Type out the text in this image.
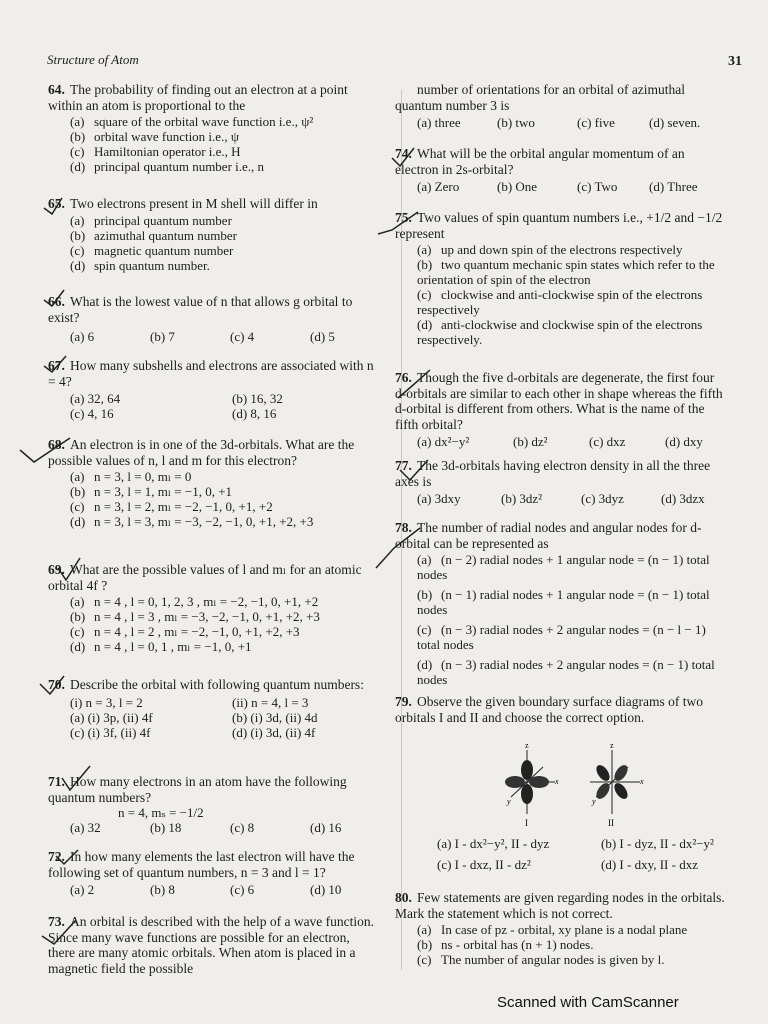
Structure of Atom	31
64. The probability of finding out an electron at a point within an atom is proportional to the
(a) square of the orbital wave function i.e., ψ²
(b) orbital wave function i.e., ψ
(c) Hamiltonian operator i.e., H
(d) principal quantum number i.e., n
65. Two electrons present in M shell will differ in
(a) principal quantum number
(b) azimuthal quantum number
(c) magnetic quantum number
(d) spin quantum number.
66. What is the lowest value of n that allows g orbital to exist?
(a) 6	(b) 7	(c) 4	(d) 5
67. How many subshells and electrons are associated with n = 4?
(a) 32, 64	(b) 16, 32
(c) 4, 16	(d) 8, 16
68. An electron is in one of the 3d-orbitals. What are the possible values of n, l and m for this electron?
(a) n = 3, l = 0, mₗ = 0
(b) n = 3, l = 1, mₗ = −1, 0, +1
(c) n = 3, l = 2, mₗ = −2, −1, 0, +1, +2
(d) n = 3, l = 3, mₗ = −3, −2, −1, 0, +1, +2, +3
69. What are the possible values of l and mₗ for an atomic orbital 4f ?
(a) n = 4 , l = 0, 1, 2, 3 , mₗ = −2, −1, 0, +1, +2
(b) n = 4 , l = 3 , mₗ = −3, −2, −1, 0, +1, +2, +3
(c) n = 4 , l = 2 , mₗ = −2, −1, 0, +1, +2, +3
(d) n = 4 , l = 0, 1 , mₗ = −1, 0, +1
70. Describe the orbital with following quantum numbers:
(i) n = 3, l = 2	(ii) n = 4, l = 3
(a) (i) 3p, (ii) 4f	(b) (i) 3d, (ii) 4d
(c) (i) 3f, (ii) 4f	(d) (i) 3d, (ii) 4f
71. How many electrons in an atom have the following quantum numbers?
n = 4, mₛ = −1/2
(a) 32	(b) 18	(c) 8	(d) 16
72. In how many elements the last electron will have the following set of quantum numbers, n = 3 and l = 1?
(a) 2	(b) 8	(c) 6	(d) 10
73. An orbital is described with the help of a wave function. Since many wave functions are possible for an electron, there are many atomic orbitals. When atom is placed in a magnetic field the possible
number of orientations for an orbital of azimuthal quantum number 3 is
(a) three	(b) two	(c) five	(d) seven.
74. What will be the orbital angular momentum of an electron in 2s-orbital?
(a) Zero	(b) One	(c) Two (d) Three
75. Two values of spin quantum numbers i.e., +1/2 and −1/2 represent
(a) up and down spin of the electrons respectively
(b) two quantum mechanic spin states which refer to the orientation of spin of the electron
(c) clockwise and anti-clockwise spin of the electrons respectively
(d) anti-clockwise and clockwise spin of the electrons respectively.
76. Though the five d-orbitals are degenerate, the first four d-orbitals are similar to each other in shape whereas the fifth d-orbital is different from others. What is the name of the fifth orbital?
(a) dx²−y²	(b) dz²	(c) dxz	(d) dxy
77. The 3d-orbitals having electron density in all the three axes is
(a) 3dxy	(b) 3dz²	(c) 3dyz	(d) 3dzx
78. The number of radial nodes and angular nodes for d-orbital can be represented as
(a) (n − 2) radial nodes + 1 angular node = (n − 1) total nodes
(b) (n − 1) radial nodes + 1 angular node = (n − 1) total nodes
(c) (n − 3) radial nodes + 2 angular nodes = (n − l − 1) total nodes
(d) (n − 3) radial nodes + 2 angular nodes = (n − 1) total nodes
79. Observe the given boundary surface diagrams of two orbitals I and II and choose the correct option.
z
y
x
I
z
y
x
II
(a) I - dx²−y², II - dyz	(b) I - dyz, II - dx²−y²
(c) I - dxz, II - dz²	(d) I - dxy, II - dxz
80. Few statements are given regarding nodes in the orbitals. Mark the statement which is not correct.
(a) In case of pz - orbital, xy plane is a nodal plane
(b) ns - orbital has (n + 1) nodes.
(c) The number of angular nodes is given by l.
Scanned with CamScanner
